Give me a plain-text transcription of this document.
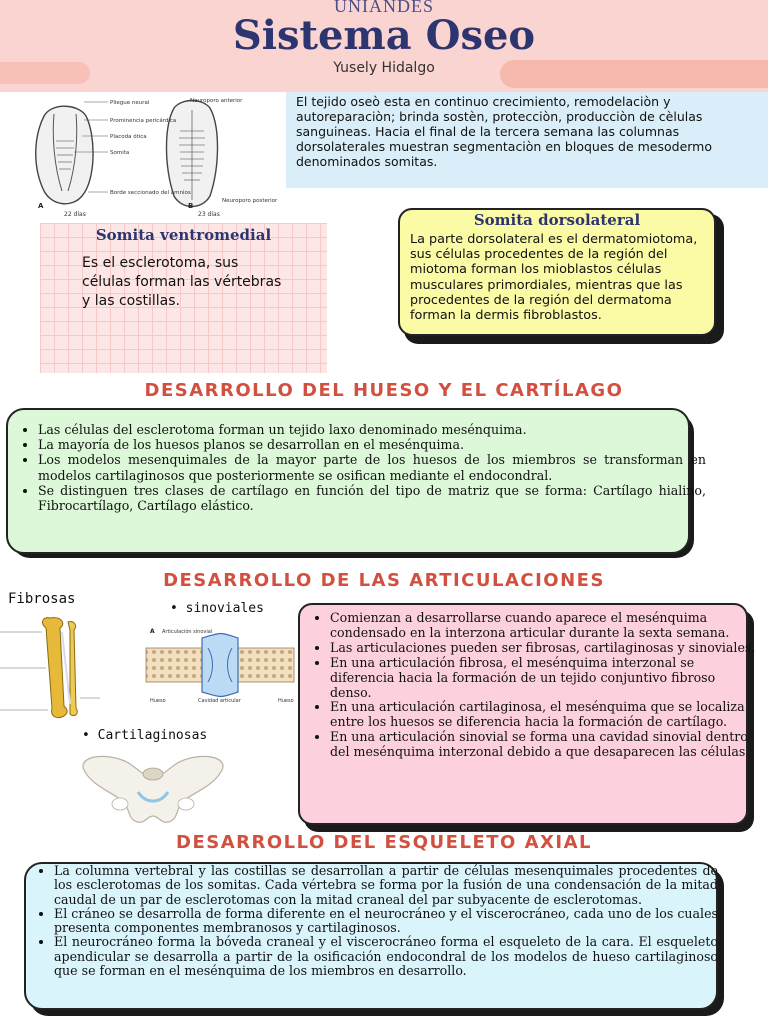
UNIANDES
Sistema Oseo
Yusely Hidalgo
El tejido oseò esta en continuo crecimiento, remodelaciòn y autoreparaciòn; brinda sostèn, protecciòn, producciòn de cèlulas sanguineas. Hacia el final de la tercera semana las columnas dorsolaterales muestran segmentaciòn en bloques de mesodermo denominados somitas.
Pliegue neural	Neuroporo anterior
Prominencia pericárdica
Placoda ótica
Somita
Borde seccionado del amnios
Neuroporo posterior
A
22 días
B
23 días
Somita ventromedial
Es el esclerotoma, sus células forman las vértebras y las costillas.
Somita dorsolateral
La parte dorsolateral es el dermatomiotoma, sus células procedentes de la región del miotoma forman los mioblastos células musculares primordiales, mientras que las procedentes de la región del dermatoma forman la dermis fibroblastos.
DESARROLLO DEL HUESO Y EL CARTÍLAGO
• Las células del esclerotoma forman un tejido laxo denominado mesénquima.
• La mayoría de los huesos planos se desarrollan en el mesénquima.
• Los modelos mesenquimales de la mayor parte de los huesos de los miembros se transforman en modelos cartilaginosos que posteriormente se osifican mediante el endocondral.
• Se distinguen tres clases de cartílago en función del tipo de matriz que se forma: Cartílago hialino, Fibrocartílago, Cartílago elástico.
DESARROLLO DE LAS ARTICULACIONES
Fibrosas
• sinoviales
• Cartilaginosas
A Articulación sinovial
Hueso	Cavidad articular	Hueso
• Comienzan a desarrollarse cuando aparece el mesénquima condensado en la interzona articular durante la sexta semana.
• Las articulaciones pueden ser fibrosas, cartilaginosas y sinoviales.
• En una articulación fibrosa, el mesénquima interzonal se diferencia hacia la formación de un tejido conjuntivo fibroso denso.
• En una articulación cartilaginosa, el mesénquima que se localiza entre los huesos se diferencia hacia la formación de cartílago.
• En una articulación sinovial se forma una cavidad sinovial dentro del mesénquima interzonal debido a que desaparecen las células.
DESARROLLO DEL ESQUELETO AXIAL
• La columna vertebral y las costillas se desarrollan a partir de células mesenquimales procedentes de los esclerotomas de los somitas. Cada vértebra se forma por la fusión de una condensación de la mitad caudal de un par de esclerotomas con la mitad craneal del par subyacente de esclerotomas.
• El cráneo se desarrolla de forma diferente en el neurocráneo y el viscerocráneo, cada uno de los cuales presenta componentes membranosos y cartilaginosos.
• El neurocráneo forma la bóveda craneal y el viscerocráneo forma el esqueleto de la cara. El esqueleto apendicular se desarrolla a partir de la osificación endocondral de los modelos de hueso cartilaginoso que se forman en el mesénquima de los miembros en desarrollo.
